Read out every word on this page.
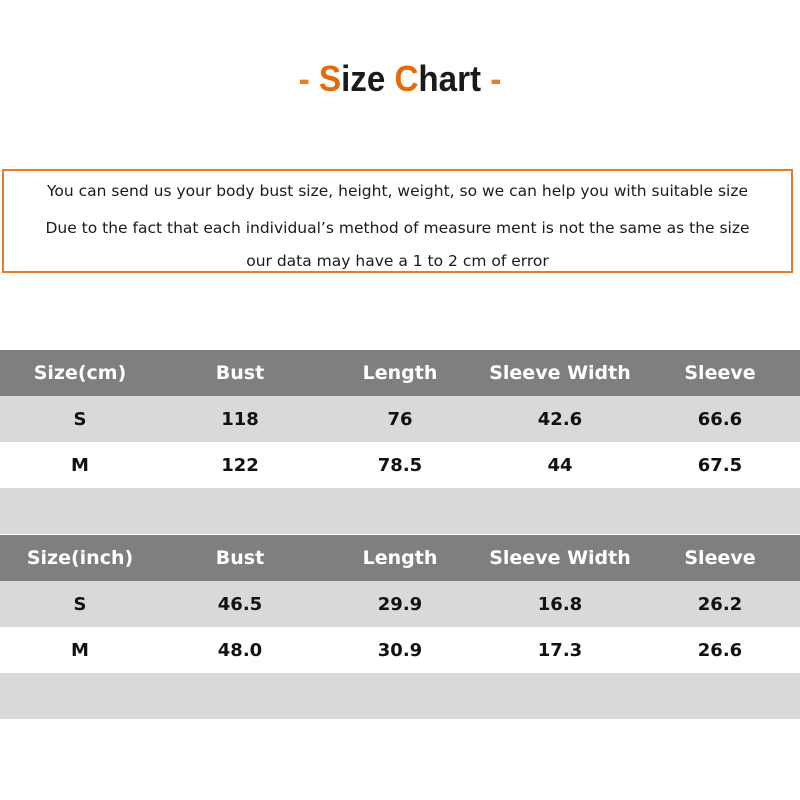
- Size Chart -

You can send us your body bust size, height, weight, so we can help you with suitable size

Due to the fact that each individual’s method of measure ment is not the same as the size

our data may have a 1 to 2 cm of error

Size(cm)	Bust	Length	Sleeve Width	Sleeve
S	118	76	42.6	66.6
M	122	78.5	44	67.5
Size(inch)	Bust	Length	Sleeve Width	Sleeve
S	46.5	29.9	16.8	26.2
M	48.0	30.9	17.3	26.6
